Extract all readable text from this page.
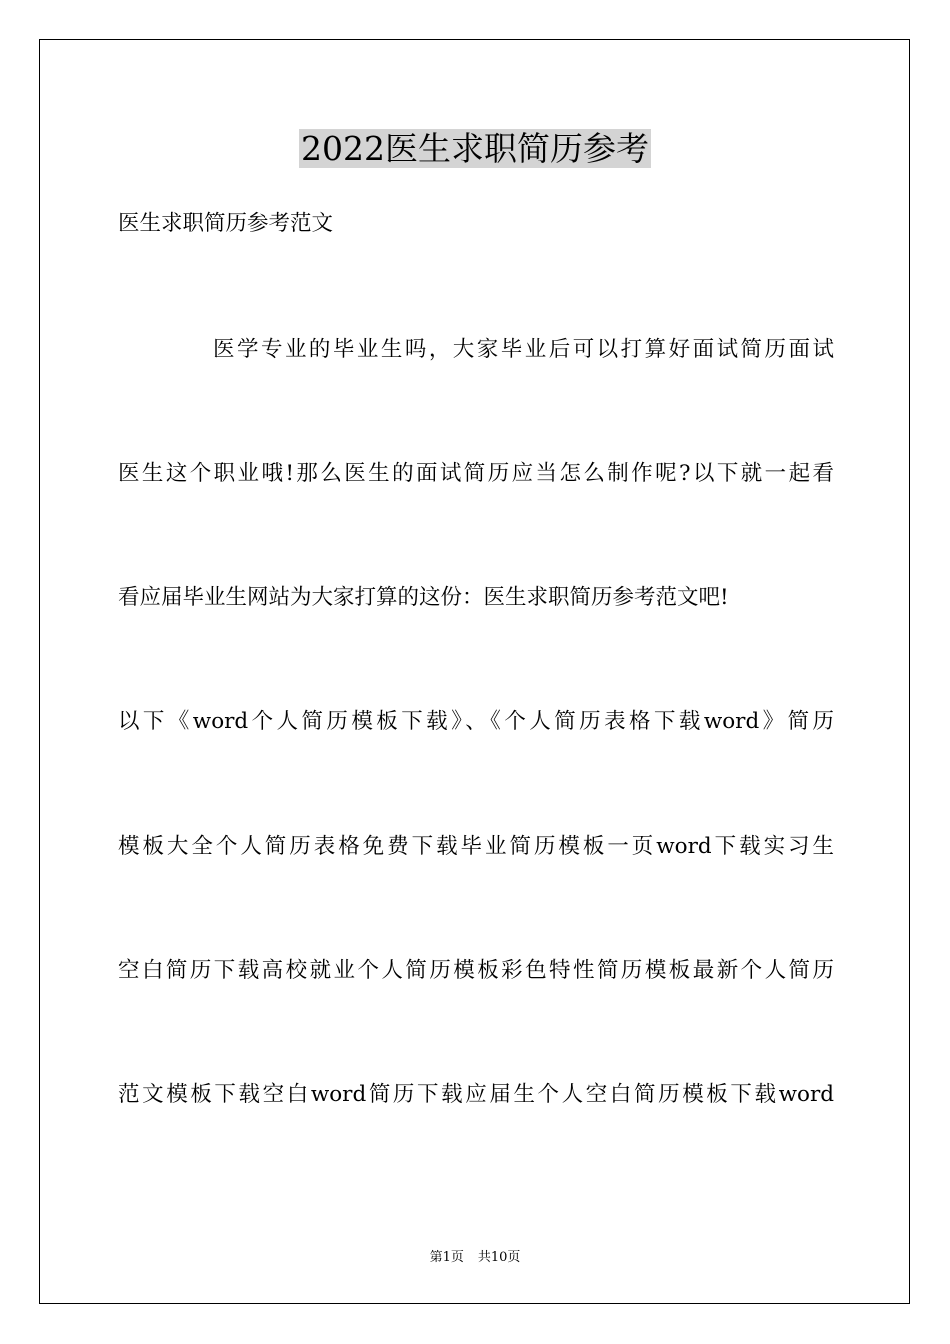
2022医生求职简历参考
医生求职简历参考范文
医学专业的毕业生吗，大家毕业后可以打算好面试简历面试
医生这个职业哦!那么医生的面试简历应当怎么制作呢?以下就一起看
看应届毕业生网站为大家打算的这份：医生求职简历参考范文吧!
以下《word个人简历模板下载》、《个人简历表格下载word》简历
模板大全个人简历表格免费下载毕业简历模板一页word下载实习生
空白简历下载高校就业个人简历模板彩色特性简历模板最新个人简历
范文模板下载空白word简历下载应届生个人空白简历模板下载word
第1页 共10页
